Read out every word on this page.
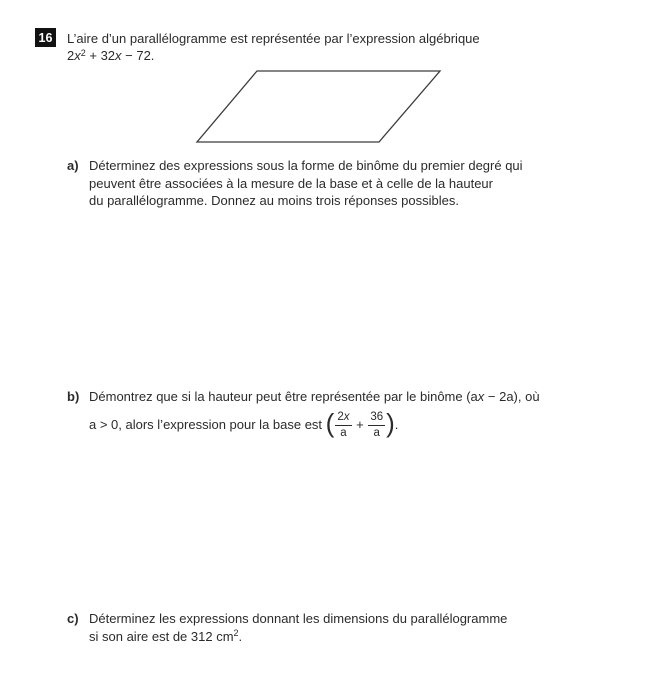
16 L’aire d’un parallélogramme est représentée par l’expression algébrique
$2x^2 + 32x - 72$.
a) Déterminez des expressions sous la forme de binôme du premier degré qui
peuvent être associées à la mesure de la base et à celle de la hauteur
du parallélogramme. Donnez au moins trois réponses possibles.
b) Démontrez que si la hauteur peut être représentée par le binôme (ax − 2a), où
a > 0, alors l’expression pour la base est ( $\frac{2x}{a} + \frac{36}{a}$ ).
c) Déterminez les expressions donnant les dimensions du parallélogramme
si son aire est de 312 $cm^2$.
